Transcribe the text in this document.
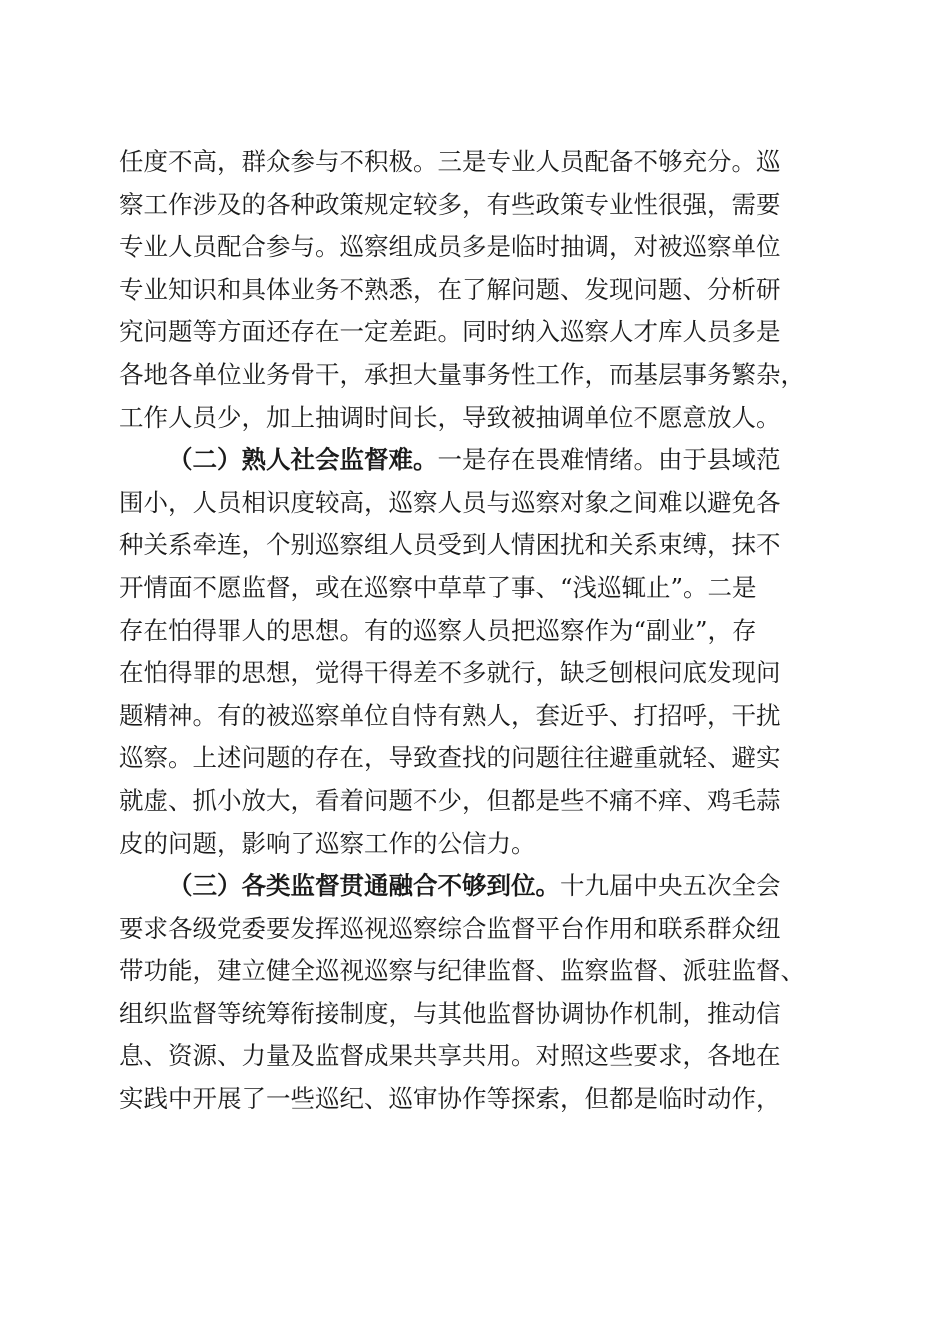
任度不高，群众参与不积极。三是专业人员配备不够充分。巡
察工作涉及的各种政策规定较多，有些政策专业性很强，需要
专业人员配合参与。巡察组成员多是临时抽调，对被巡察单位
专业知识和具体业务不熟悉，在了解问题、发现问题、分析研
究问题等方面还存在一定差距。同时纳入巡察人才库人员多是
各地各单位业务骨干，承担大量事务性工作，而基层事务繁杂，
工作人员少，加上抽调时间长，导致被抽调单位不愿意放人。
（二）熟人社会监督难。一是存在畏难情绪。由于县域范
围小，人员相识度较高，巡察人员与巡察对象之间难以避免各
种关系牵连，个别巡察组人员受到人情困扰和关系束缚，抹不
开情面不愿监督，或在巡察中草草了事、“浅巡辄止”。二是
存在怕得罪人的思想。有的巡察人员把巡察作为“副业”，存
在怕得罪的思想，觉得干得差不多就行，缺乏刨根问底发现问
题精神。有的被巡察单位自恃有熟人，套近乎、打招呼，干扰
巡察。上述问题的存在，导致查找的问题往往避重就轻、避实
就虚、抓小放大，看着问题不少，但都是些不痛不痒、鸡毛蒜
皮的问题，影响了巡察工作的公信力。
（三）各类监督贯通融合不够到位。十九届中央五次全会
要求各级党委要发挥巡视巡察综合监督平台作用和联系群众纽
带功能，建立健全巡视巡察与纪律监督、监察监督、派驻监督、
组织监督等统筹衔接制度，与其他监督协调协作机制，推动信
息、资源、力量及监督成果共享共用。对照这些要求，各地在
实践中开展了一些巡纪、巡审协作等探索，但都是临时动作，
